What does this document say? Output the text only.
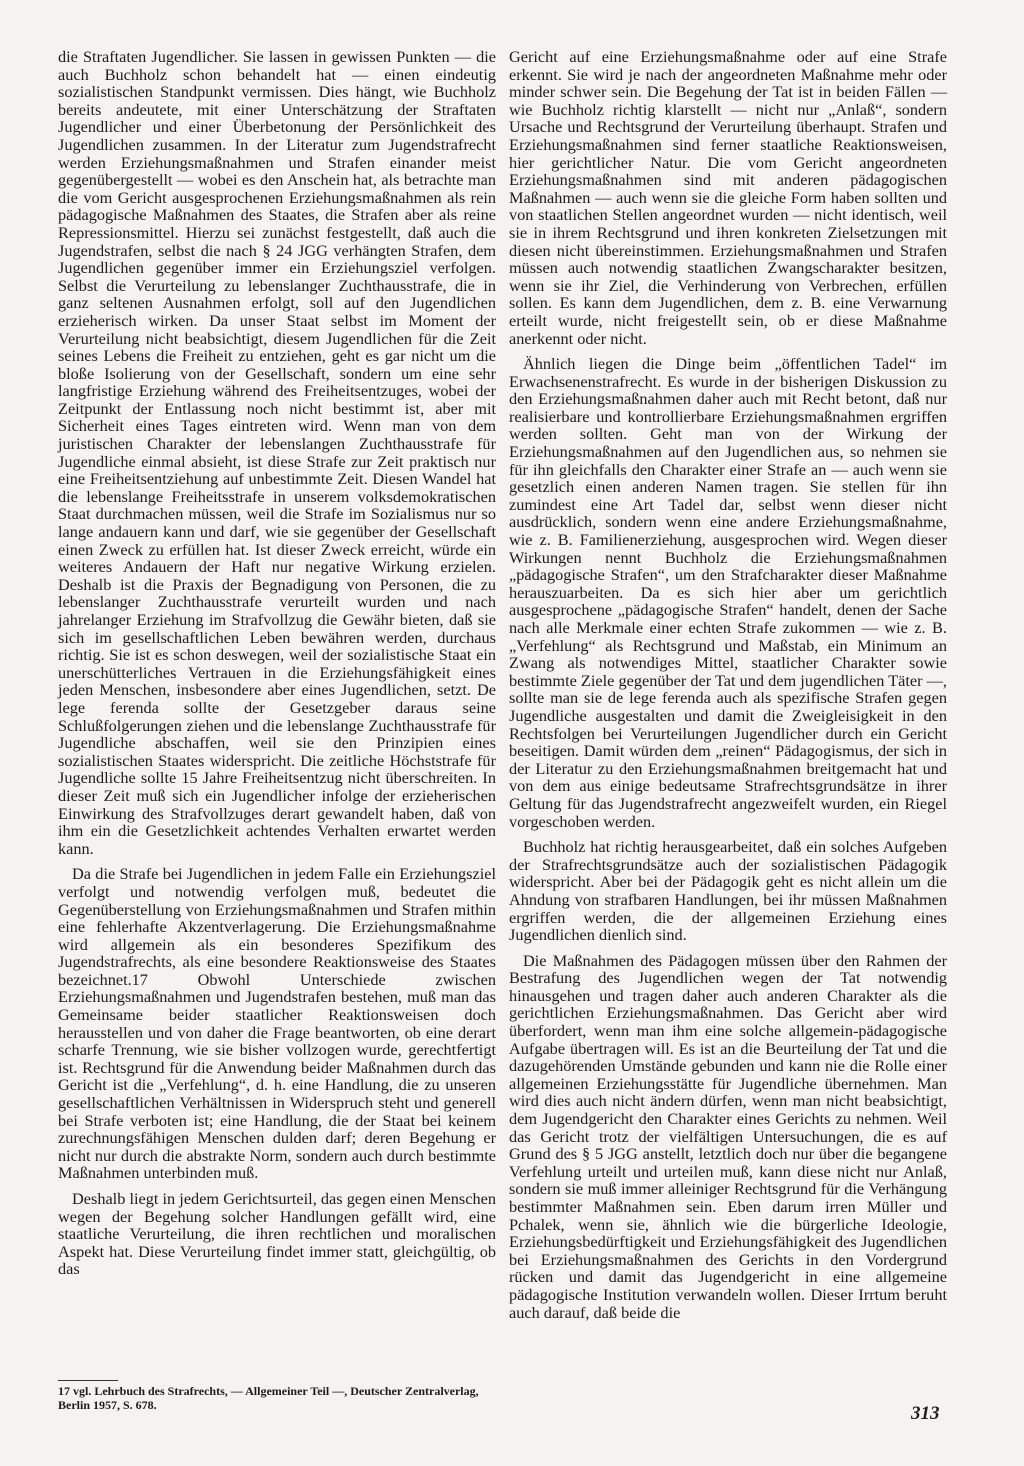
die Straftaten Jugendlicher. Sie lassen in gewissen Punkten — die auch Buchholz schon behandelt hat — einen eindeutig sozialistischen Standpunkt vermissen. Dies hängt, wie Buchholz bereits andeutete, mit einer Unterschätzung der Straftaten Jugendlicher und einer Überbetonung der Persönlichkeit des Jugendlichen zusammen. In der Literatur zum Jugendstrafrecht werden Erziehungsmaßnahmen und Strafen einander meist gegenübergestellt — wobei es den Anschein hat, als betrachte man die vom Gericht ausgesprochenen Erziehungsmaßnahmen als rein pädagogische Maßnahmen des Staates, die Strafen aber als reine Repressionsmittel. Hierzu sei zunächst festgestellt, daß auch die Jugendstrafen, selbst die nach § 24 JGG verhängten Strafen, dem Jugendlichen gegenüber immer ein Erziehungsziel verfolgen. Selbst die Verurteilung zu lebenslanger Zuchthausstrafe, die in ganz seltenen Ausnahmen erfolgt, soll auf den Jugendlichen erzieherisch wirken. Da unser Staat selbst im Moment der Verurteilung nicht beabsichtigt, diesem Jugendlichen für die Zeit seines Lebens die Freiheit zu entziehen, geht es gar nicht um die bloße Isolierung von der Gesellschaft, sondern um eine sehr langfristige Erziehung während des Freiheitsentzuges, wobei der Zeitpunkt der Entlassung noch nicht bestimmt ist, aber mit Sicherheit eines Tages eintreten wird. Wenn man von dem juristischen Charakter der lebenslangen Zuchthausstrafe für Jugendliche einmal absieht, ist diese Strafe zur Zeit praktisch nur eine Freiheitsentziehung auf unbestimmte Zeit. Diesen Wandel hat die lebenslange Freiheitsstrafe in unserem volksdemokratischen Staat durchmachen müssen, weil die Strafe im Sozialismus nur so lange andauern kann und darf, wie sie gegenüber der Gesellschaft einen Zweck zu erfüllen hat. Ist dieser Zweck erreicht, würde ein weiteres Andauern der Haft nur negative Wirkung erzielen. Deshalb ist die Praxis der Begnadigung von Personen, die zu lebenslanger Zuchthausstrafe verurteilt wurden und nach jahrelanger Erziehung im Strafvollzug die Gewähr bieten, daß sie sich im gesellschaftlichen Leben bewähren werden, durchaus richtig. Sie ist es schon deswegen, weil der sozialistische Staat ein unerschütterliches Vertrauen in die Erziehungsfähigkeit eines jeden Menschen, insbesondere aber eines Jugendlichen, setzt. De lege ferenda sollte der Gesetzgeber daraus seine Schlußfolgerungen ziehen und die lebenslange Zuchthausstrafe für Jugendliche abschaffen, weil sie den Prinzipien eines sozialistischen Staates widerspricht. Die zeitliche Höchststrafe für Jugendliche sollte 15 Jahre Freiheitsentzug nicht überschreiten. In dieser Zeit muß sich ein Jugendlicher infolge der erzieherischen Einwirkung des Strafvollzuges derart gewandelt haben, daß von ihm ein die Gesetzlichkeit achtendes Verhalten erwartet werden kann.

Da die Strafe bei Jugendlichen in jedem Falle ein Erziehungsziel verfolgt und notwendig verfolgen muß, bedeutet die Gegenüberstellung von Erziehungsmaßnahmen und Strafen mithin eine fehlerhafte Akzentverlagerung. Die Erziehungsmaßnahme wird allgemein als ein besonderes Spezifikum des Jugendstrafrechts, als eine besondere Reaktionsweise des Staates bezeichnet.17 Obwohl Unterschiede zwischen Erziehungsmaßnahmen und Jugendstrafen bestehen, muß man das Gemeinsame beider staatlicher Reaktionsweisen doch herausstellen und von daher die Frage beantworten, ob eine derart scharfe Trennung, wie sie bisher vollzogen wurde, gerechtfertigt ist. Rechtsgrund für die Anwendung beider Maßnahmen durch das Gericht ist die „Verfehlung“, d. h. eine Handlung, die zu unseren gesellschaftlichen Verhältnissen in Widerspruch steht und generell bei Strafe verboten ist; eine Handlung, die der Staat bei keinem zurechnungsfähigen Menschen dulden darf; deren Begehung er nicht nur durch die abstrakte Norm, sondern auch durch bestimmte Maßnahmen unterbinden muß.

Deshalb liegt in jedem Gerichtsurteil, das gegen einen Menschen wegen der Begehung solcher Handlungen gefällt wird, eine staatliche Verurteilung, die ihren rechtlichen und moralischen Aspekt hat. Diese Verurteilung findet immer statt, gleichgültig, ob das

Gericht auf eine Erziehungsmaßnahme oder auf eine Strafe erkennt. Sie wird je nach der angeordneten Maßnahme mehr oder minder schwer sein. Die Begehung der Tat ist in beiden Fällen — wie Buchholz richtig klarstellt — nicht nur „Anlaß“, sondern Ursache und Rechtsgrund der Verurteilung überhaupt. Strafen und Erziehungsmaßnahmen sind ferner staatliche Reaktionsweisen, hier gerichtlicher Natur. Die vom Gericht angeordneten Erziehungsmaßnahmen sind mit anderen pädagogischen Maßnahmen — auch wenn sie die gleiche Form haben sollten und von staatlichen Stellen angeordnet wurden — nicht identisch, weil sie in ihrem Rechtsgrund und ihren konkreten Zielsetzungen mit diesen nicht übereinstimmen. Erziehungsmaßnahmen und Strafen müssen auch notwendig staatlichen Zwangscharakter besitzen, wenn sie ihr Ziel, die Verhinderung von Verbrechen, erfüllen sollen. Es kann dem Jugendlichen, dem z. B. eine Verwarnung erteilt wurde, nicht freigestellt sein, ob er diese Maßnahme anerkennt oder nicht.

Ähnlich liegen die Dinge beim „öffentlichen Tadel“ im Erwachsenenstrafrecht. Es wurde in der bisherigen Diskussion zu den Erziehungsmaßnahmen daher auch mit Recht betont, daß nur realisierbare und kontrollierbare Erziehungsmaßnahmen ergriffen werden sollten. Geht man von der Wirkung der Erziehungsmaßnahmen auf den Jugendlichen aus, so nehmen sie für ihn gleichfalls den Charakter einer Strafe an — auch wenn sie gesetzlich einen anderen Namen tragen. Sie stellen für ihn zumindest eine Art Tadel dar, selbst wenn dieser nicht ausdrücklich, sondern wenn eine andere Erziehungsmaßnahme, wie z. B. Familienerziehung, ausgesprochen wird. Wegen dieser Wirkungen nennt Buchholz die Erziehungsmaßnahmen „pädagogische Strafen“, um den Strafcharakter dieser Maßnahme herauszuarbeiten. Da es sich hier aber um gerichtlich ausgesprochene „pädagogische Strafen“ handelt, denen der Sache nach alle Merkmale einer echten Strafe zukommen — wie z. B. „Verfehlung“ als Rechtsgrund und Maßstab, ein Minimum an Zwang als notwendiges Mittel, staatlicher Charakter sowie bestimmte Ziele gegenüber der Tat und dem jugendlichen Täter —, sollte man sie de lege ferenda auch als spezifische Strafen gegen Jugendliche ausgestalten und damit die Zweigleisigkeit in den Rechtsfolgen bei Verurteilungen Jugendlicher durch ein Gericht beseitigen. Damit würden dem „reinen“ Pädagogismus, der sich in der Literatur zu den Erziehungsmaßnahmen breitgemacht hat und von dem aus einige bedeutsame Strafrechtsgrundsätze in ihrer Geltung für das Jugendstrafrecht angezweifelt wurden, ein Riegel vorgeschoben werden.

Buchholz hat richtig herausgearbeitet, daß ein solches Aufgeben der Strafrechtsgrundsätze auch der sozialistischen Pädagogik widerspricht. Aber bei der Pädagogik geht es nicht allein um die Ahndung von strafbaren Handlungen, bei ihr müssen Maßnahmen ergriffen werden, die der allgemeinen Erziehung eines Jugendlichen dienlich sind.

Die Maßnahmen des Pädagogen müssen über den Rahmen der Bestrafung des Jugendlichen wegen der Tat notwendig hinausgehen und tragen daher auch anderen Charakter als die gerichtlichen Erziehungsmaßnahmen. Das Gericht aber wird überfordert, wenn man ihm eine solche allgemein-pädagogische Aufgabe übertragen will. Es ist an die Beurteilung der Tat und die dazugehörenden Umstände gebunden und kann nie die Rolle einer allgemeinen Erziehungsstätte für Jugendliche übernehmen. Man wird dies auch nicht ändern dürfen, wenn man nicht beabsichtigt, dem Jugendgericht den Charakter eines Gerichts zu nehmen. Weil das Gericht trotz der vielfältigen Untersuchungen, die es auf Grund des § 5 JGG anstellt, letztlich doch nur über die begangene Verfehlung urteilt und urteilen muß, kann diese nicht nur Anlaß, sondern sie muß immer alleiniger Rechtsgrund für die Verhängung bestimmter Maßnahmen sein. Eben darum irren Müller und Pchalek, wenn sie, ähnlich wie die bürgerliche Ideologie, Erziehungsbedürftigkeit und Erziehungsfähigkeit des Jugendlichen bei Erziehungsmaßnahmen des Gerichts in den Vordergrund rücken und damit das Jugendgericht in eine allgemeine pädagogische Institution verwandeln wollen. Dieser Irrtum beruht auch darauf, daß beide die

17 vgl. Lehrbuch des Strafrechts, — Allgemeiner Teil —, Deutscher Zentralverlag, Berlin 1957, S. 678.	313
